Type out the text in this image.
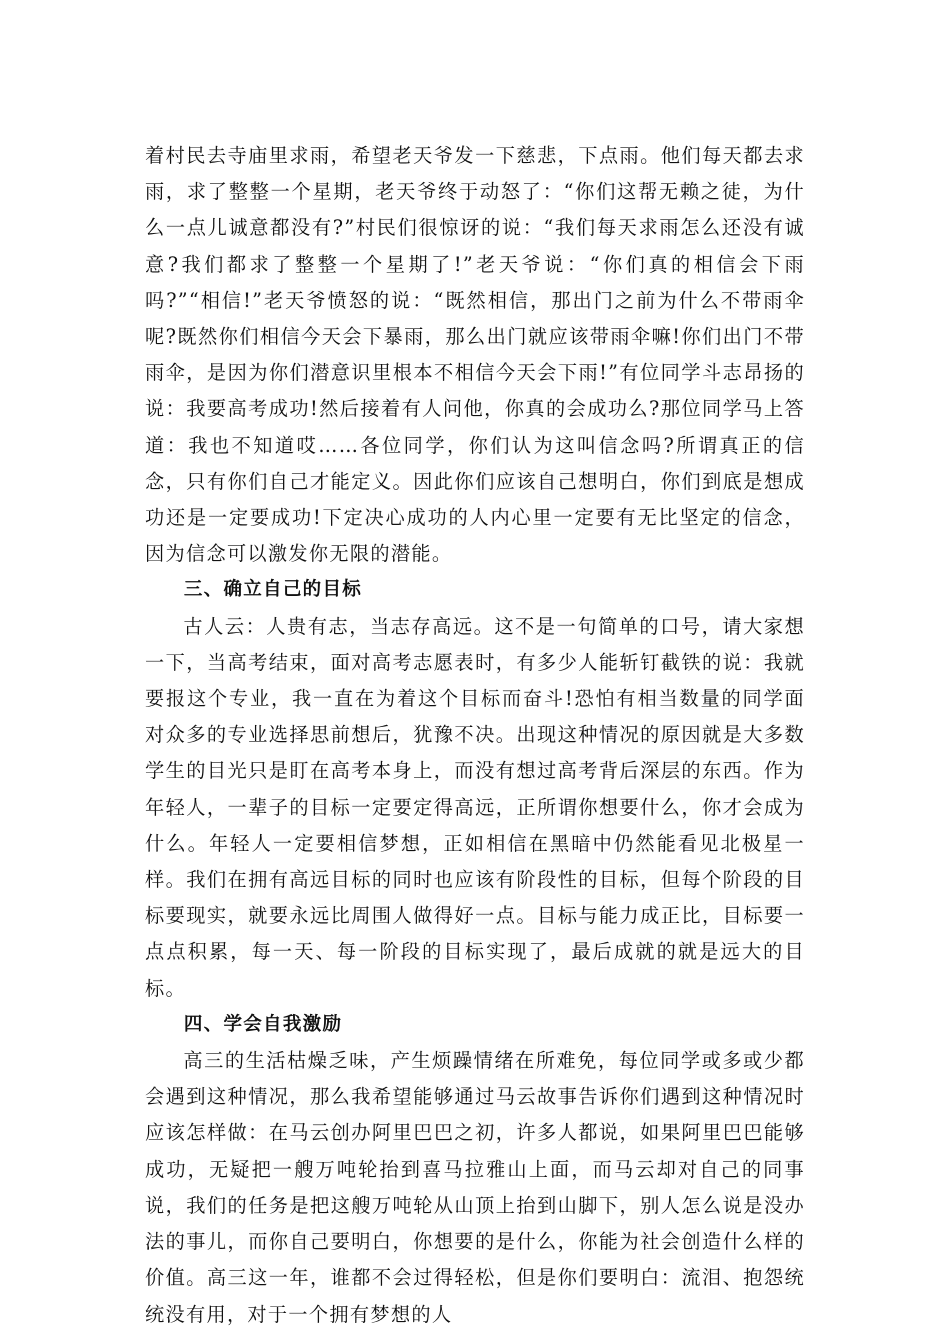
着村民去寺庙里求雨，希望老天爷发一下慈悲，下点雨。他们每天都去求雨，求了整整一个星期，老天爷终于动怒了：“你们这帮无赖之徒，为什么一点儿诚意都没有?”村民们很惊讶的说：“我们每天求雨怎么还没有诚意?我们都求了整整一个星期了!”老天爷说：“你们真的相信会下雨吗?”“相信!”老天爷愤怒的说：“既然相信，那出门之前为什么不带雨伞呢?既然你们相信今天会下暴雨，那么出门就应该带雨伞嘛!你们出门不带雨伞，是因为你们潜意识里根本不相信今天会下雨!”有位同学斗志昂扬的说：我要高考成功!然后接着有人问他，你真的会成功么?那位同学马上答道：我也不知道哎……各位同学，你们认为这叫信念吗?所谓真正的信念，只有你们自己才能定义。因此你们应该自己想明白，你们到底是想成功还是一定要成功!下定决心成功的人内心里一定要有无比坚定的信念，因为信念可以激发你无限的潜能。

三、确立自己的目标

古人云：人贵有志，当志存高远。这不是一句简单的口号，请大家想一下，当高考结束，面对高考志愿表时，有多少人能斩钉截铁的说：我就要报这个专业，我一直在为着这个目标而奋斗!恐怕有相当数量的同学面对众多的专业选择思前想后，犹豫不决。出现这种情况的原因就是大多数学生的目光只是盯在高考本身上，而没有想过高考背后深层的东西。作为年轻人，一辈子的目标一定要定得高远，正所谓你想要什么，你才会成为什么。年轻人一定要相信梦想，正如相信在黑暗中仍然能看见北极星一样。我们在拥有高远目标的同时也应该有阶段性的目标，但每个阶段的目标要现实，就要永远比周围人做得好一点。目标与能力成正比，目标要一点点积累，每一天、每一阶段的目标实现了，最后成就的就是远大的目标。

四、学会自我激励

高三的生活枯燥乏味，产生烦躁情绪在所难免，每位同学或多或少都会遇到这种情况，那么我希望能够通过马云故事告诉你们遇到这种情况时应该怎样做：在马云创办阿里巴巴之初，许多人都说，如果阿里巴巴能够成功，无疑把一艘万吨轮抬到喜马拉雅山上面，而马云却对自己的同事说，我们的任务是把这艘万吨轮从山顶上抬到山脚下，别人怎么说是没办法的事儿，而你自己要明白，你想要的是什么，你能为社会创造什么样的价值。高三这一年，谁都不会过得轻松，但是你们要明白：流泪、抱怨统统没有用，对于一个拥有梦想的人
